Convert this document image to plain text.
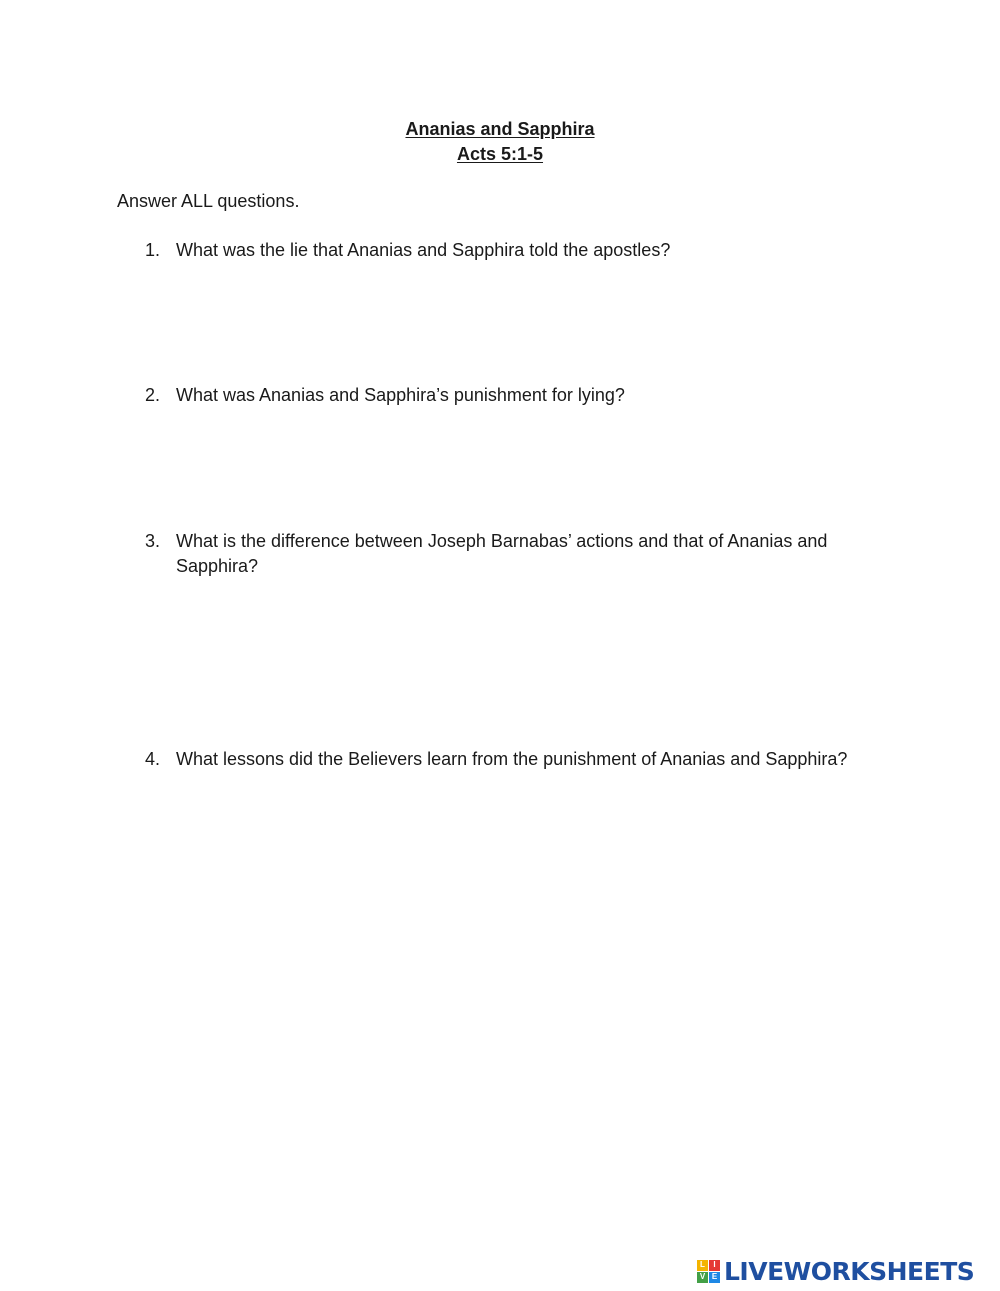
Ananias and Sapphira

Acts 5:1-5

Answer ALL questions.

1. What was the lie that Ananias and Sapphira told the apostles?
2. What was Ananias and Sapphira’s punishment for lying?
3. What is the difference between Joseph Barnabas’ actions and that of Ananias and Sapphira?
4. What lessons did the Believers learn from the punishment of Ananias and Sapphira?
L	I
V E LIVEWORKSHEETS
